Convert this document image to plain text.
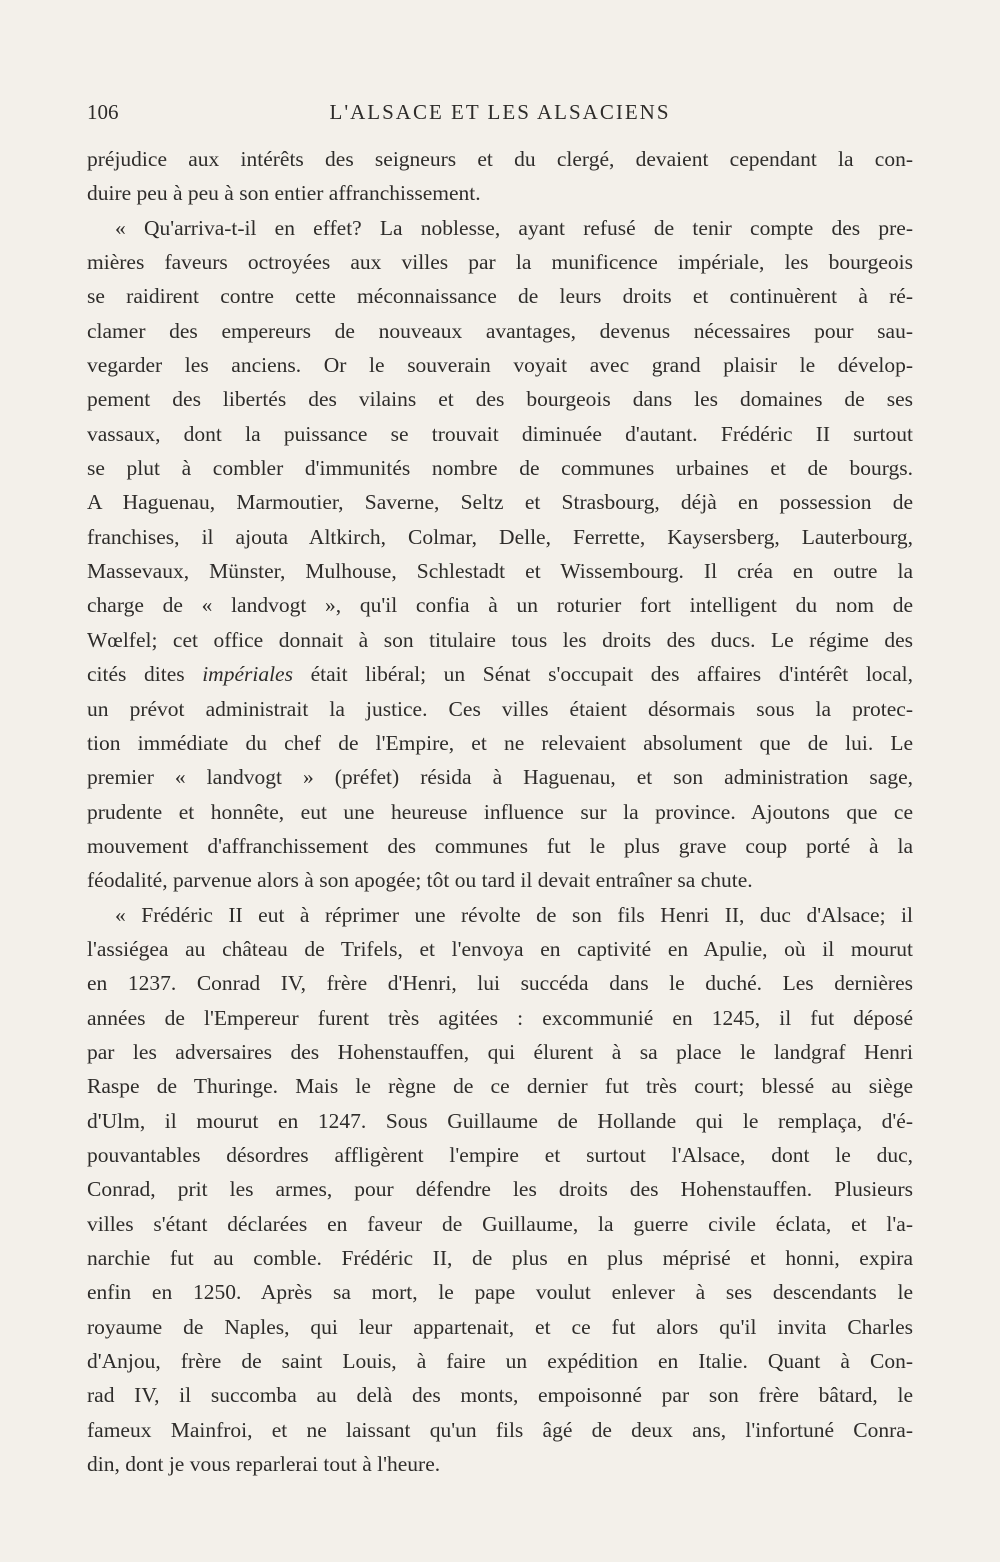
106	L'ALSACE ET LES ALSACIENS
préjudice aux intérêts des seigneurs et du clergé, devaient cependant la con-
duire peu à peu à son entier affranchissement.
« Qu'arriva-t-il en effet? La noblesse, ayant refusé de tenir compte des pre-
mières faveurs octroyées aux villes par la munificence impériale, les bourgeois
se raidirent contre cette méconnaissance de leurs droits et continuèrent à ré-
clamer des empereurs de nouveaux avantages, devenus nécessaires pour sau-
vegarder les anciens. Or le souverain voyait avec grand plaisir le dévelop-
pement des libertés des vilains et des bourgeois dans les domaines de ses
vassaux, dont la puissance se trouvait diminuée d'autant. Frédéric II surtout
se plut à combler d'immunités nombre de communes urbaines et de bourgs.
A Haguenau, Marmoutier, Saverne, Seltz et Strasbourg, déjà en possession de
franchises, il ajouta Altkirch, Colmar, Delle, Ferrette, Kaysersberg, Lauterbourg,
Massevaux, Münster, Mulhouse, Schlestadt et Wissembourg. Il créa en outre la
charge de « landvogt », qu'il confia à un roturier fort intelligent du nom de
Wœlfel; cet office donnait à son titulaire tous les droits des ducs. Le régime des
cités dites impériales était libéral; un Sénat s'occupait des affaires d'intérêt local,
un prévot administrait la justice. Ces villes étaient désormais sous la protec-
tion immédiate du chef de l'Empire, et ne relevaient absolument que de lui. Le
premier « landvogt » (préfet) résida à Haguenau, et son administration sage,
prudente et honnête, eut une heureuse influence sur la province. Ajoutons que ce
mouvement d'affranchissement des communes fut le plus grave coup porté à la
féodalité, parvenue alors à son apogée; tôt ou tard il devait entraîner sa chute.
« Frédéric II eut à réprimer une révolte de son fils Henri II, duc d'Alsace; il
l'assiégea au château de Trifels, et l'envoya en captivité en Apulie, où il mourut
en 1237. Conrad IV, frère d'Henri, lui succéda dans le duché. Les dernières
années de l'Empereur furent très agitées : excommunié en 1245, il fut déposé
par les adversaires des Hohenstauffen, qui élurent à sa place le landgraf Henri
Raspe de Thuringe. Mais le règne de ce dernier fut très court; blessé au siège
d'Ulm, il mourut en 1247. Sous Guillaume de Hollande qui le remplaça, d'é-
pouvantables désordres affligèrent l'empire et surtout l'Alsace, dont le duc,
Conrad, prit les armes, pour défendre les droits des Hohenstauffen. Plusieurs
villes s'étant déclarées en faveur de Guillaume, la guerre civile éclata, et l'a-
narchie fut au comble. Frédéric II, de plus en plus méprisé et honni, expira
enfin en 1250. Après sa mort, le pape voulut enlever à ses descendants le
royaume de Naples, qui leur appartenait, et ce fut alors qu'il invita Charles
d'Anjou, frère de saint Louis, à faire un expédition en Italie. Quant à Con-
rad IV, il succomba au delà des monts, empoisonné par son frère bâtard, le
fameux Mainfroi, et ne laissant qu'un fils âgé de deux ans, l'infortuné Conra-
din, dont je vous reparlerai tout à l'heure.
